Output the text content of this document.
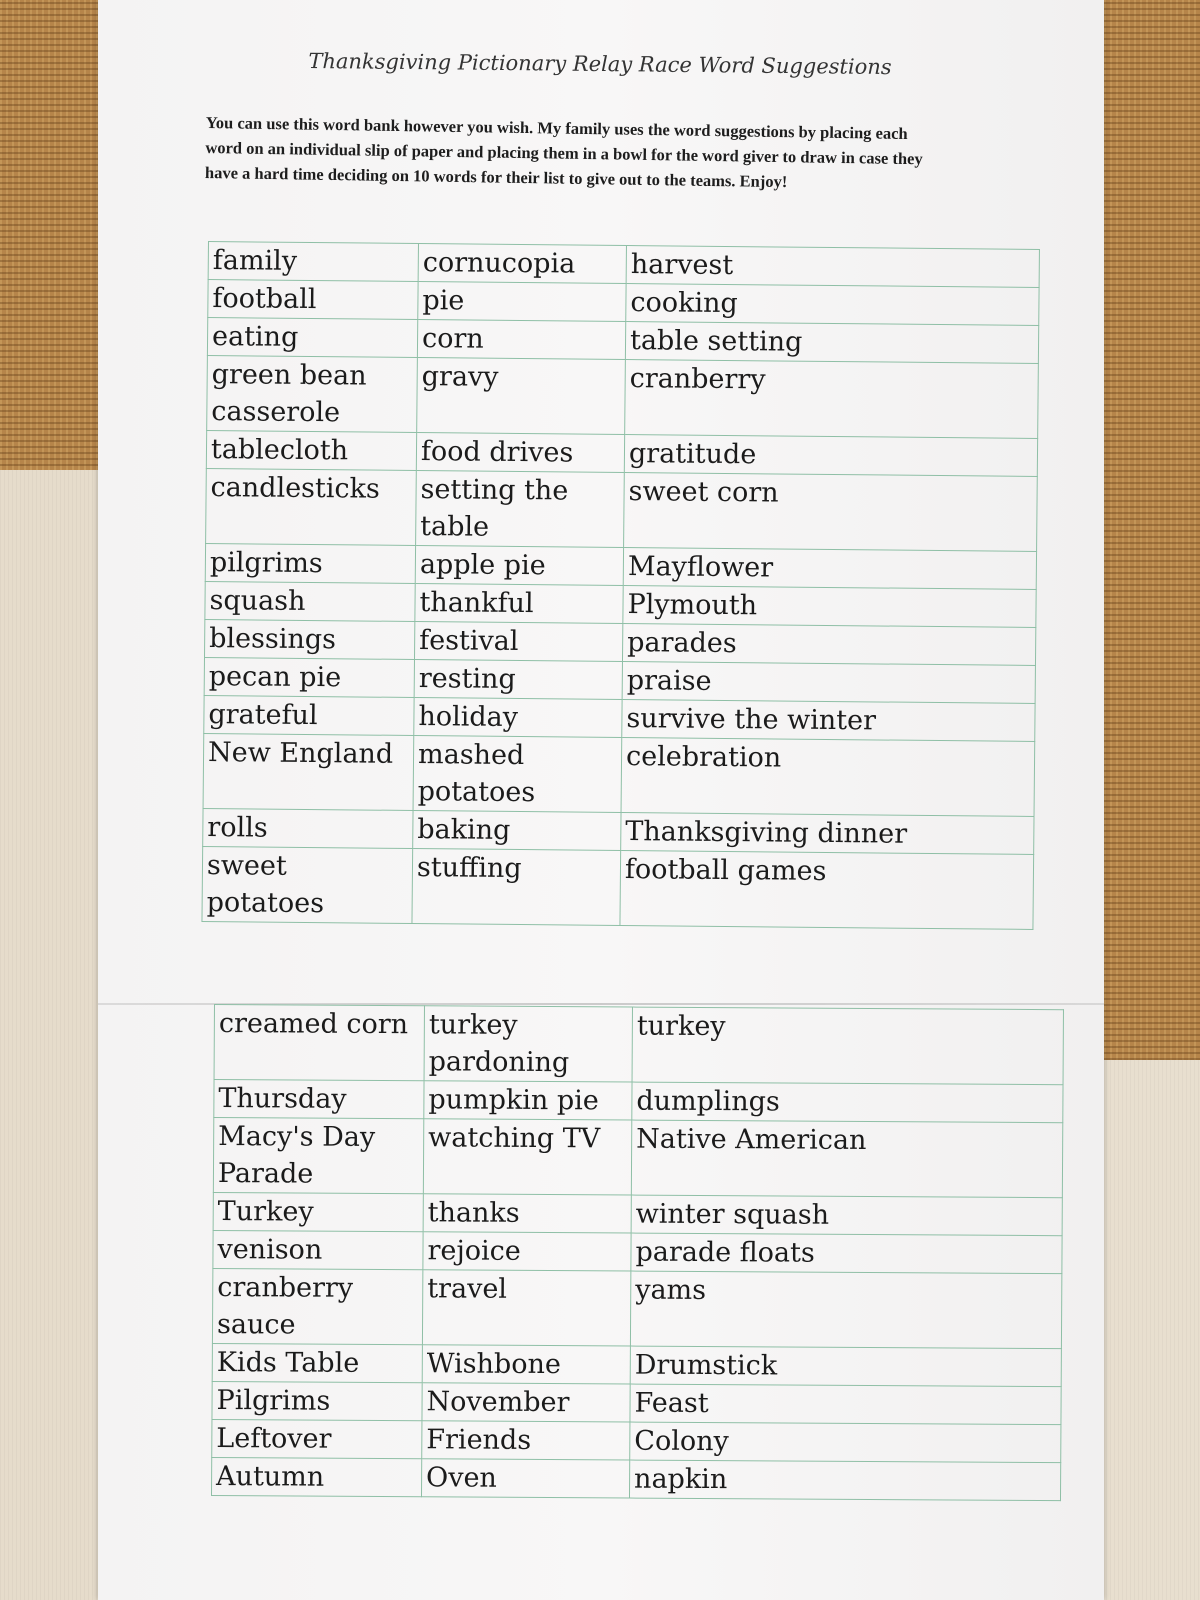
Thanksgiving Pictionary Relay Race Word Suggestions
You can use this word bank however you wish. My family uses the word suggestions by placing each word on an individual slip of paper and placing them in a bowl for the word giver to draw in case they have a hard time deciding on 10 words for their list to give out to the teams. Enjoy!
family	cornucopia	harvest
football	pie	cooking
eating	corn	table setting
green bean casserole	gravy	cranberry
tablecloth	food drives	gratitude
candlesticks	setting the table	sweet corn
pilgrims	apple pie	Mayflower
squash	thankful	Plymouth
blessings	festival	parades
pecan pie	resting	praise
grateful	holiday	survive the winter
New England	mashed potatoes	celebration
rolls	baking	Thanksgiving dinner
sweet potatoes	stuffing	football games
creamed corn	turkey pardoning	turkey
Thursday	pumpkin pie	dumplings
Macy's Day Parade	watching TV	Native American
Turkey	thanks	winter squash
venison	rejoice	parade floats
cranberry sauce	travel	yams
Kids Table	Wishbone	Drumstick
Pilgrims	November	Feast
Leftover	Friends	Colony
Autumn	Oven	napkin
